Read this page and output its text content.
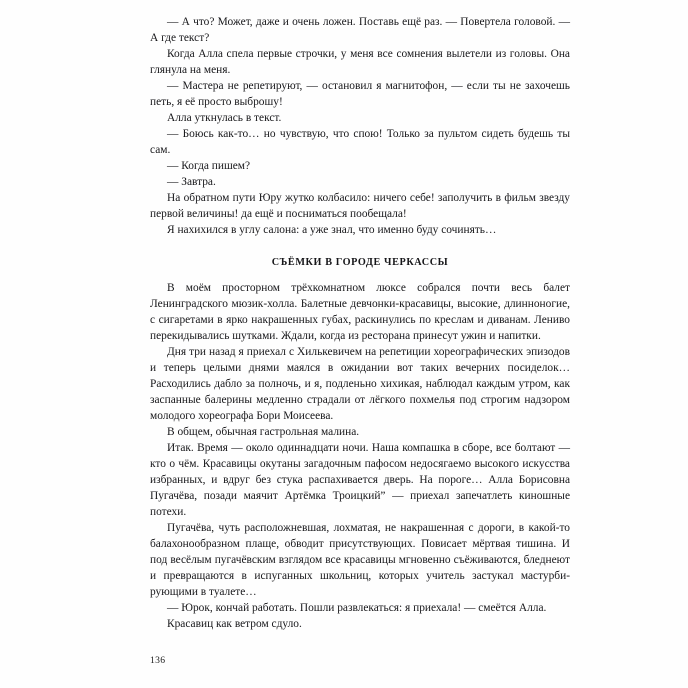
— А что? Может, даже и очень ложен. Поставь ещё раз. — Повертела головой. — А где текст?

Когда Алла спела первые строчки, у меня все сомнения вылетели из головы. Она глянула на меня.

— Мастера не репетируют, — остановил я магнитофон, — если ты не захочешь петь, я её просто выброшу!

Алла уткнулась в текст.

— Боюсь как-то… но чувствую, что спою! Только за пультом сидеть будешь ты сам.

— Когда пишем?

— Завтра.

На обратном пути Юру жутко колбасило: ничего себе! заполучить в фильм звезду первой величины! да ещё и посниматься пообещала!

Я нахихился в углу салона: а уже знал, что именно буду сочинять…

СЪЁМКИ В ГОРОДЕ ЧЕРКАССЫ

В моём просторном трёхкомнатном люксе собрался почти весь балет Ленинградского мюзик-холла. Балетные девчонки-красавицы, высокие, длинноногие, с сигаретами в ярко накрашенных губах, раскинулись по креслам и диванам. Лениво перекидывались шутками. Ждали, когда из ресторана принесут ужин и напитки.

Дня три назад я приехал с Хилькевичем на репетиции хореографических эпизодов и теперь целыми днями маялся в ожидании вот таких вечерних посиделок… Расходились дабло за полночь, и я, подленьно хихикая, наблюдал каждым утром, как заспанные балерины медленно страдали от лёгкого похмелья под строгим надзором молодого хореографа Бори Моисеева.

В общем, обычная гастрольная малина.

Итак. Время — около одиннадцати ночи. Наша компашка в сборе, все болтают — кто о чём. Красавицы окутаны загадочным пафосом недосягаемо высокого искусства избранных, и вдруг без стука распахивается дверь. На пороге… Алла Борисовна Пугачёва, позади маячит Артёмка Троицкий” — приехал запечатлеть киношные потехи.

Пугачёва, чуть расположневшая, лохматая, не накрашенная с дороги, в какой-то балахонообразном плаще, обводит присутствующих. Повисает мёртвая тишина. И под весёлым пугачёвским взглядом все красавицы мгновенно съёживаются, бледнеют и превращаются в испуганных школьниц, которых учитель застукал мастурбирующими в туалете…

— Юрок, кончай работать. Пошли развлекаться: я приехала! — смеётся Алла.

Красавиц как ветром сдуло.

136
